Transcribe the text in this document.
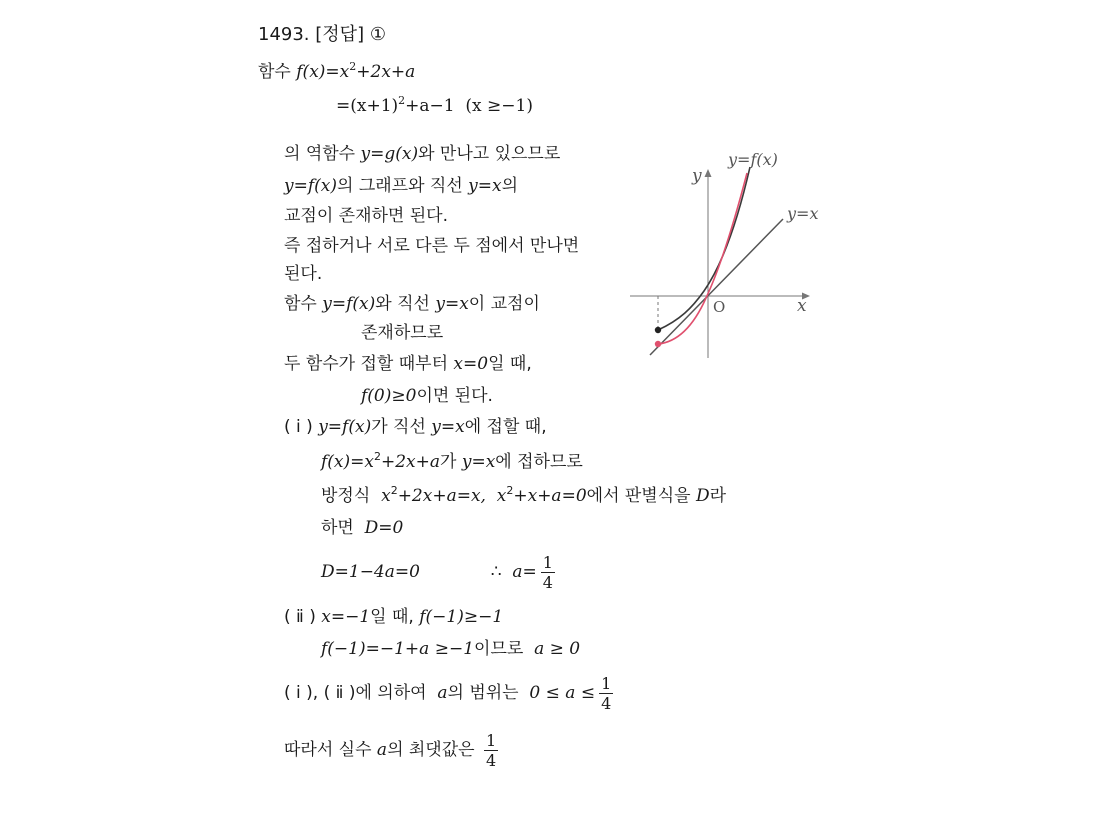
1493. [정답] ①
함수 $f(x)=x^2+2x+a$
$=(x+1)^2+a-1$ (x ≥−1)
의 역함수 y=g(x)와 만나고 있으므로
y=f(x)의 그래프와 직선 y=x의
교점이 존재하면 된다.
즉 접하거나 서로 다른 두 점에서 만나면
된다.
함수 y=f(x)와 직선 y=x이 교점이
존재하므로
두 함수가 접할 때부터 x=0일 때,
f(0)≥0이면 된다.
( ⅰ ) y=f(x)가 직선 y=x에 접할 때,
$f(x)=x^2+2x+a$가 y=x에 접하므로
방정식 $x^2+2x+a=x$, $x^2+x+a=0$에서 판별식을 D라
하면 D=0
D=1−4a=0	∴ $a= \frac{1}{4}$
( ⅱ ) x=−1일 때, f(−1)≥−1
f(−1)=−1+a ≥−1이므로 a ≥ 0
( ⅰ ), ( ⅱ )에 의하여 a의 범위는 $0 \le a \le \frac{1}{4}$
따라서 실수 a의 최댓값은 $\frac{1}{4}$
y=f(x)
y=x
y
x
O
